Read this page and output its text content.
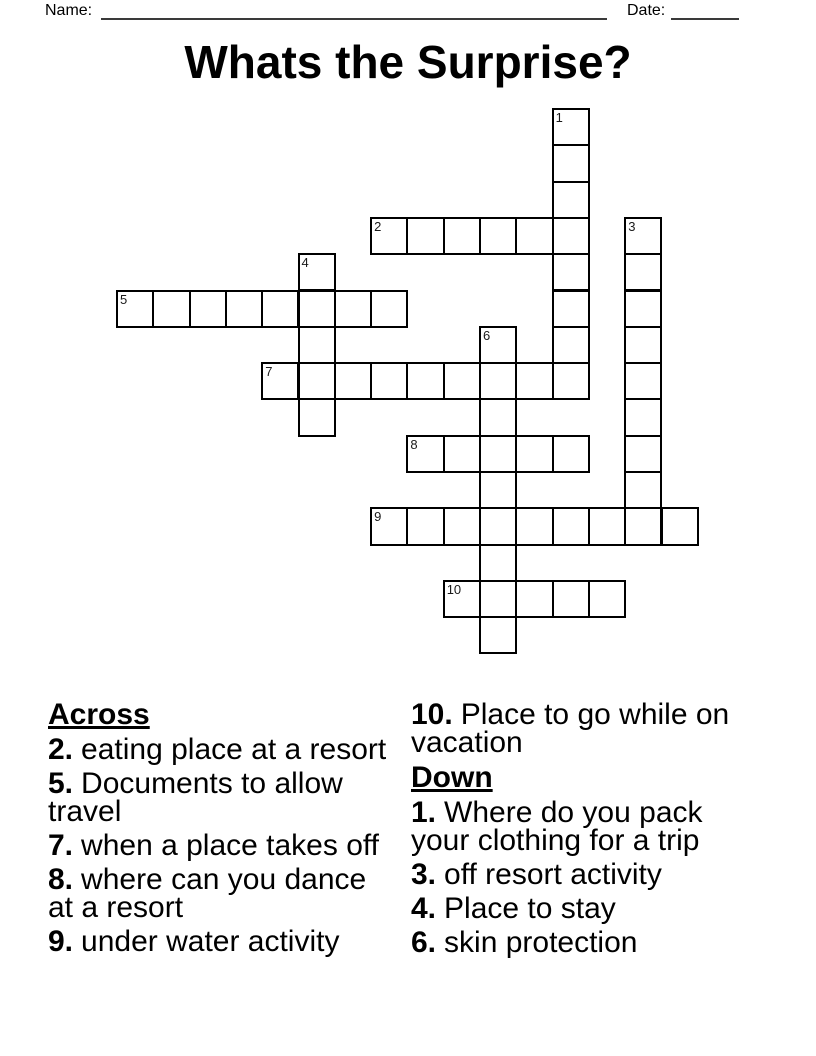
Name:	Date:
Whats the Surprise?
1
2	3
4
5
6
7
8
9
10
Across

2. eating place at a resort

5. Documents to allow travel

7. when a place takes off

8. where can you dance at a resort

9. under water activity

10. Place to go while on vacation

Down

1. Where do you pack your clothing for a trip

3. off resort activity

4. Place to stay

6. skin protection
